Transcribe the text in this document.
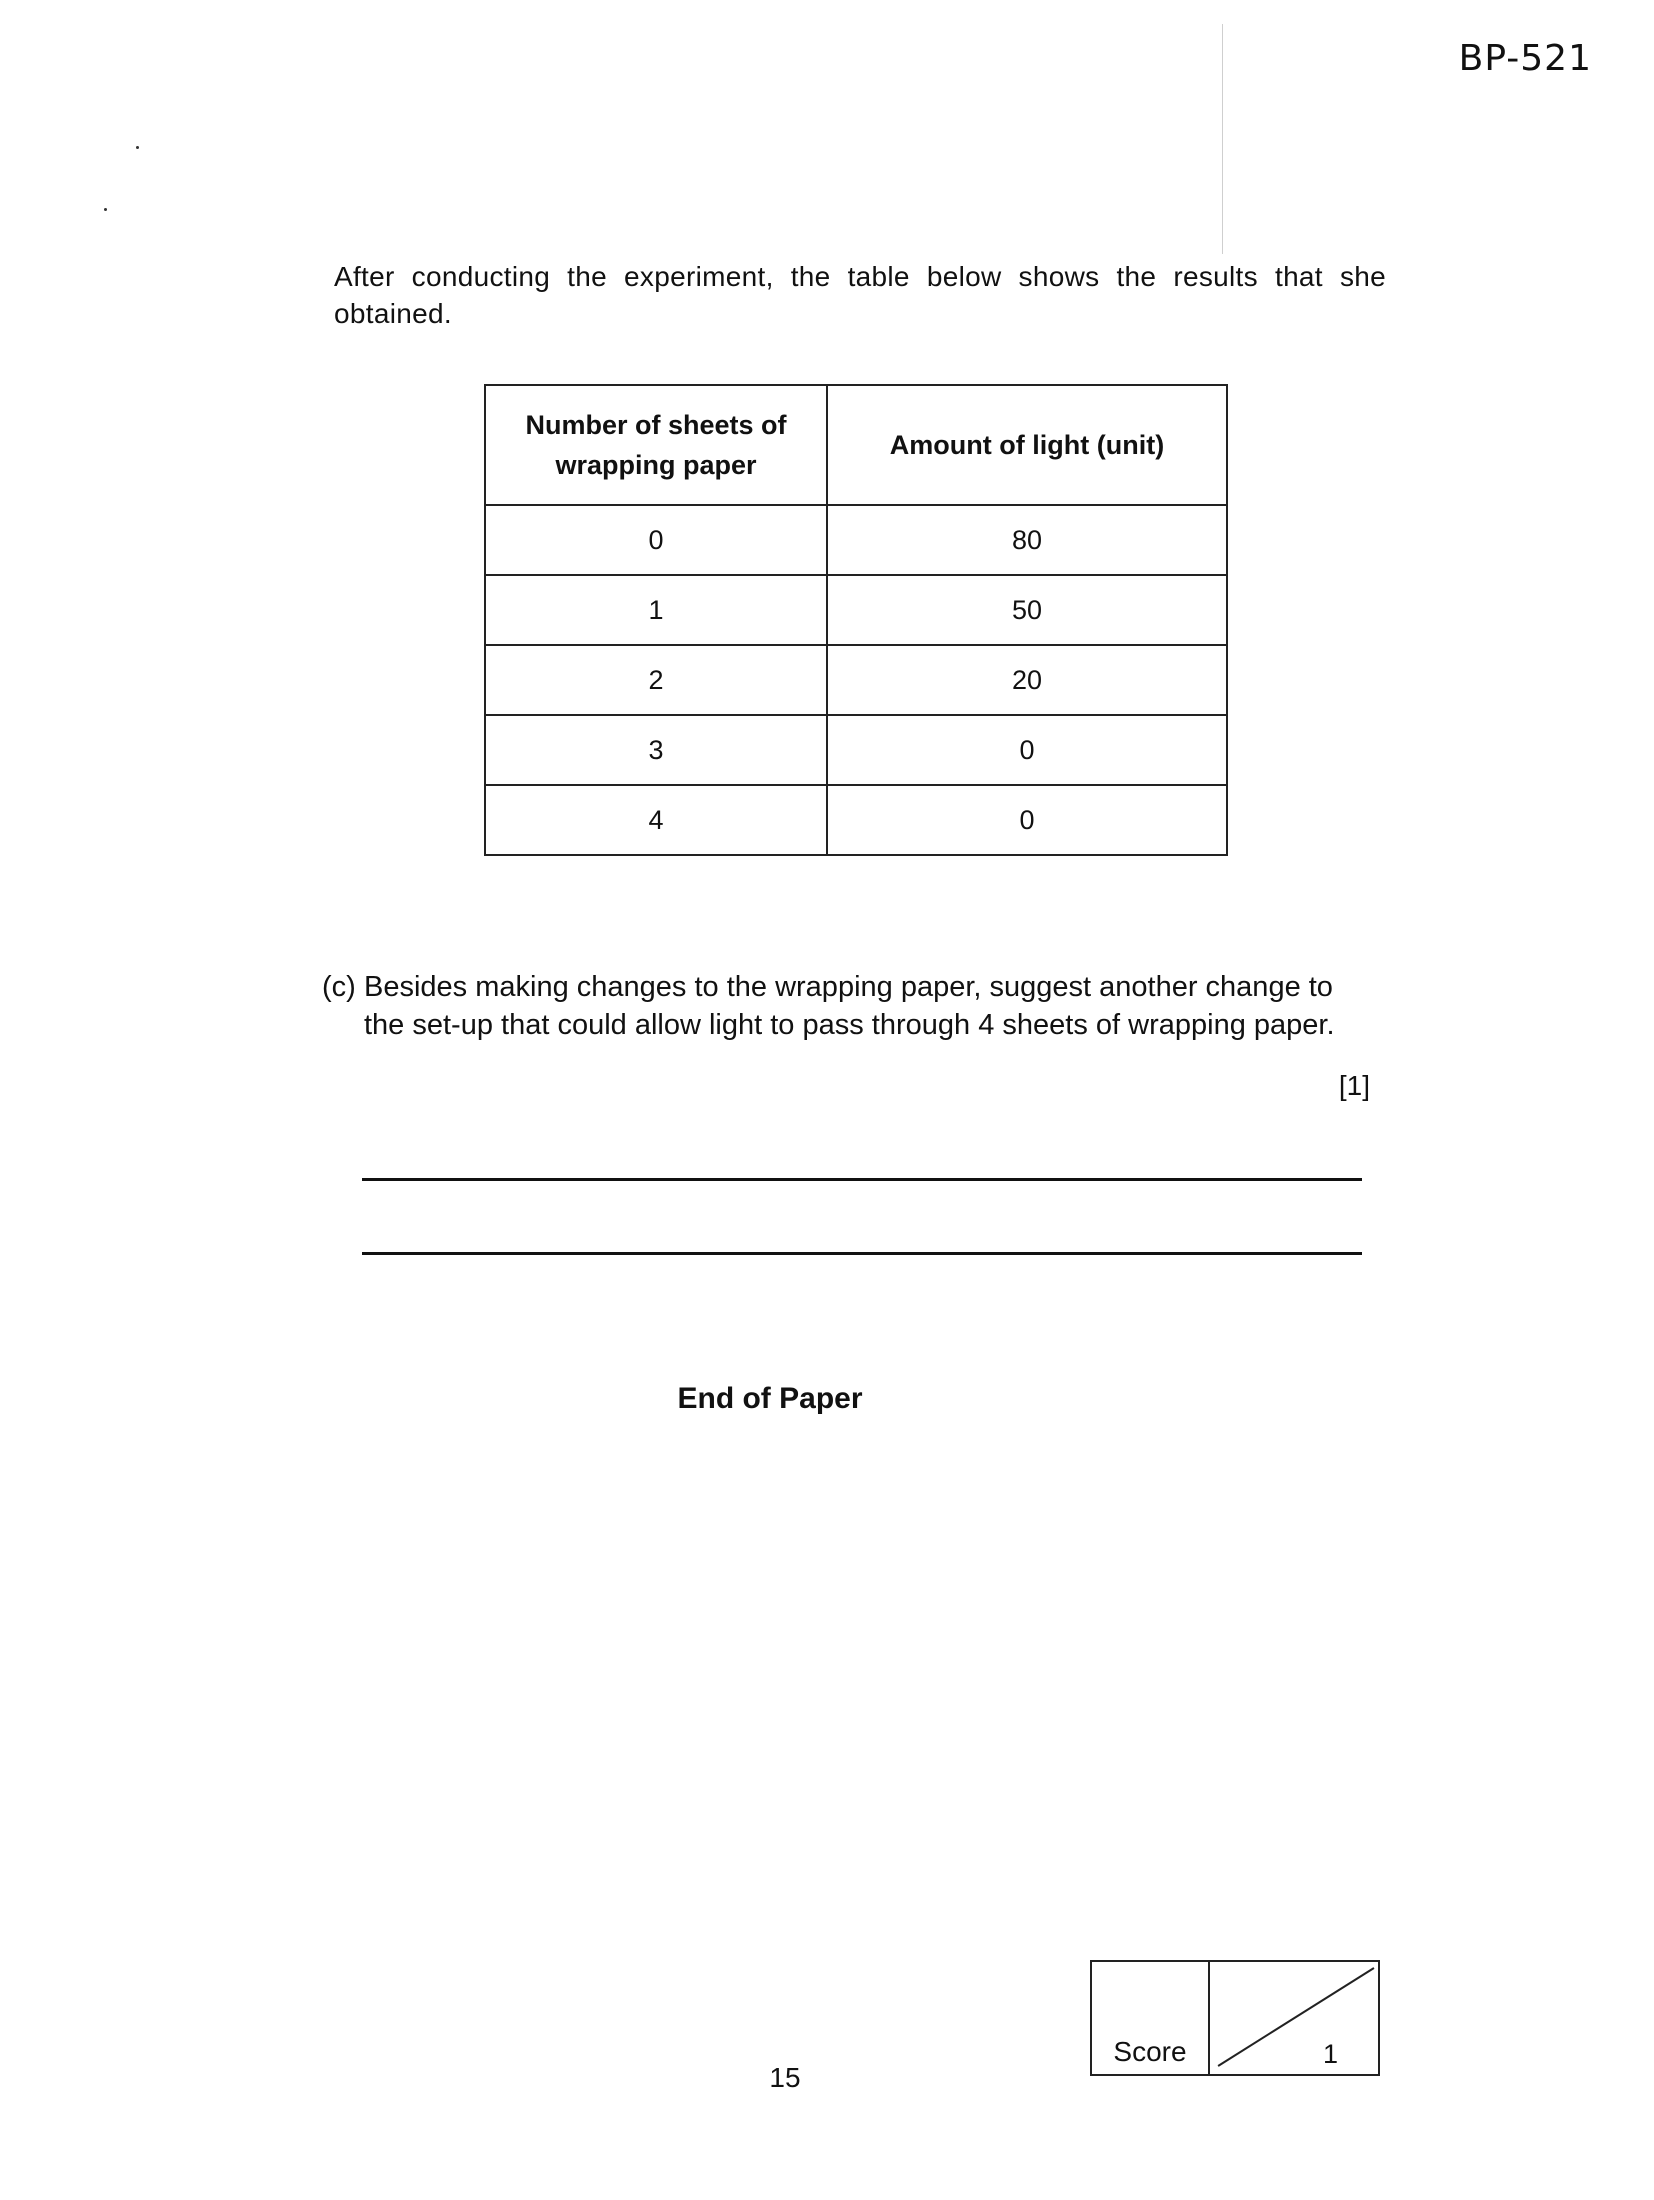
BP-521

After conducting the experiment, the table below shows the results that she obtained.

Number of sheets of wrapping paper	Amount of light (unit)
0	80
1	50
2	20
3	0
4	0
(c) Besides making changes to the wrapping paper, suggest another change to
the set-up that could allow light to pass through 4 sheets of wrapping paper.
[1]
End of Paper
15
Score	1
